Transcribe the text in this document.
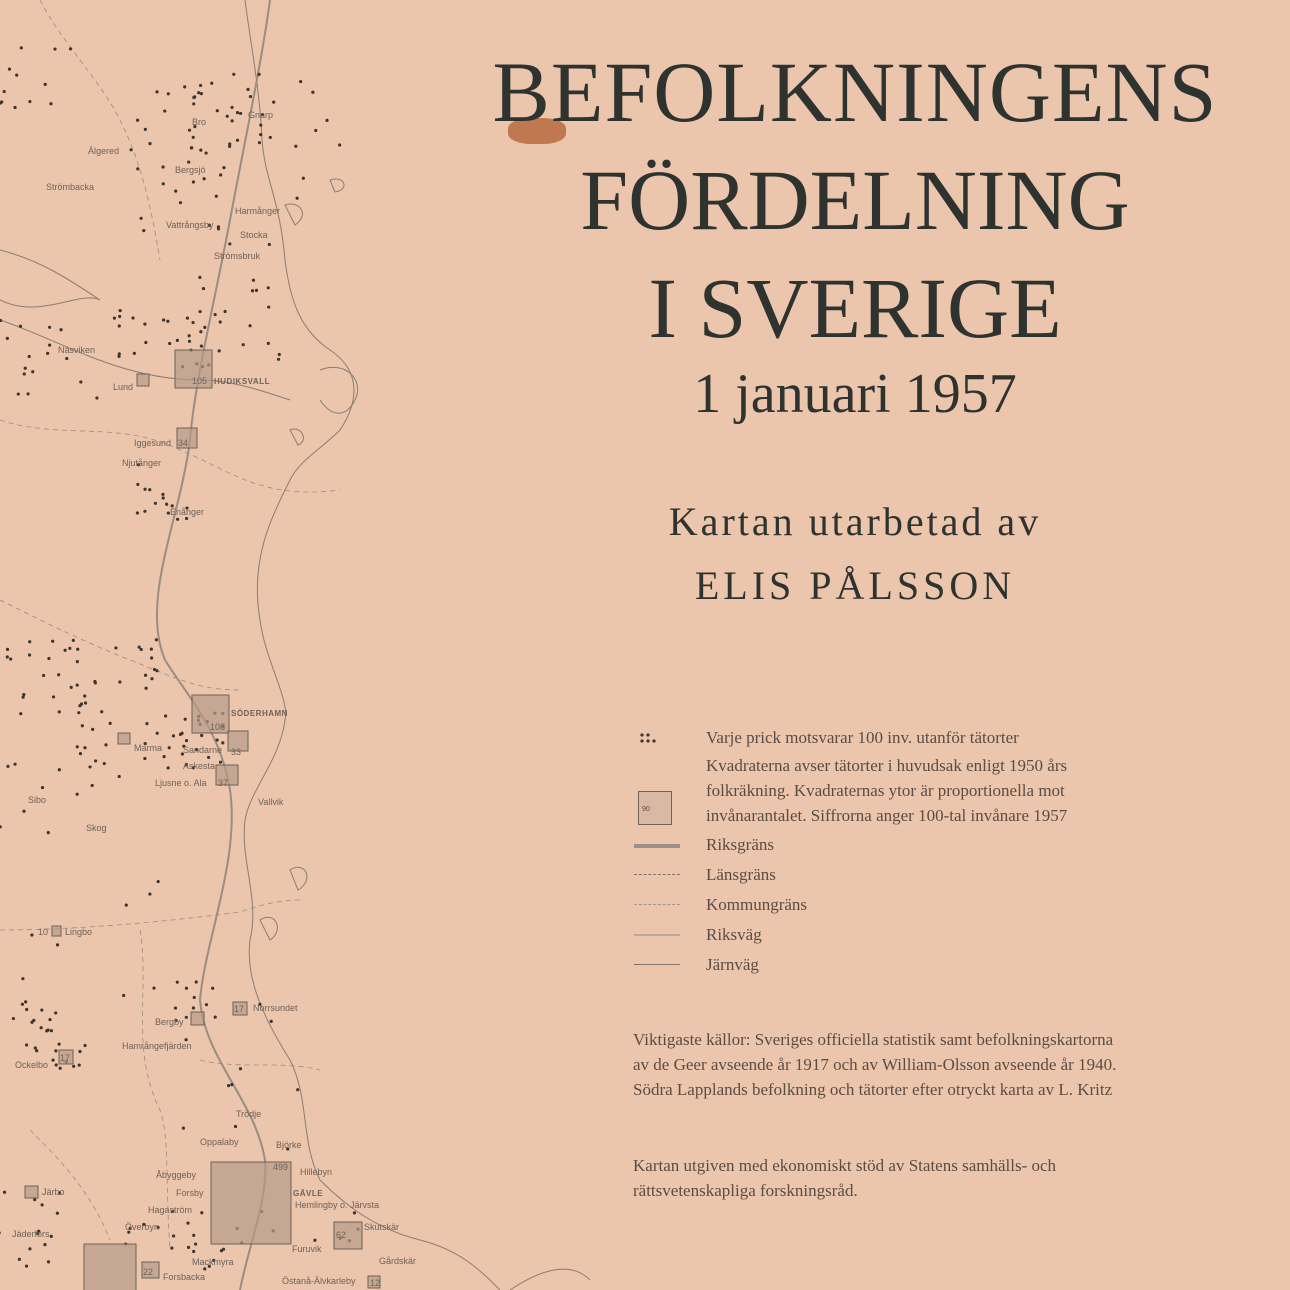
Bro
Gnarp
Älgered
Bergsjö
Strömbacka
Harmånger
Vattrångsby
Stocka
Strömsbruk
Näsviken
Lund
HUDIKSVALL
Iggesund
Njutånger
Enånger
SÖDERHAMN
Sandarne
Marma
Askesta
Ljusne o. Ala
Vallvik
Sibo
Skog
Lingbo
Norrsundet
Bergby
Hamrångefjärden
Ockelbo
Trödje
Oppalaby	Björke
Åbyggeby	Hillebyn
GÄVLE
Forsby
Hagaström	Hemlingby o. Järvsta
Järbo
Överbyn	Skutskär
Furuvik
Mackmyra
Forsbacka
Gårdskär
Östanå-Älvkarleby
Jäderfors
105
34
108
33
37
62
499
22
12
17
17
10
BEFOLKNINGENS
FÖRDELNING
I SVERIGE
1 januari 1957
Kartan utarbetad av
ELIS PÅLSSON
Varje prick motsvarar 100 inv. utanför tätorter
90
Kvadraterna avser tätorter i huvudsak enligt 1950 års folkräkning. Kvadraternas ytor är proportionella mot invånarantalet. Siffrorna anger 100-tal invånare 1957
Riksgräns
Länsgräns
Kommungräns
Riksväg
Järnväg
Viktigaste källor: Sveriges officiella statistik samt befolkningskartorna av de Geer avseende år 1917 och av William-Olsson avseende år 1940. Södra Lapplands befolkning och tätorter efter otryckt karta av L. Kritz
Kartan utgiven med ekonomiskt stöd av Statens samhälls- och rättsvetenskapliga forskningsråd.
